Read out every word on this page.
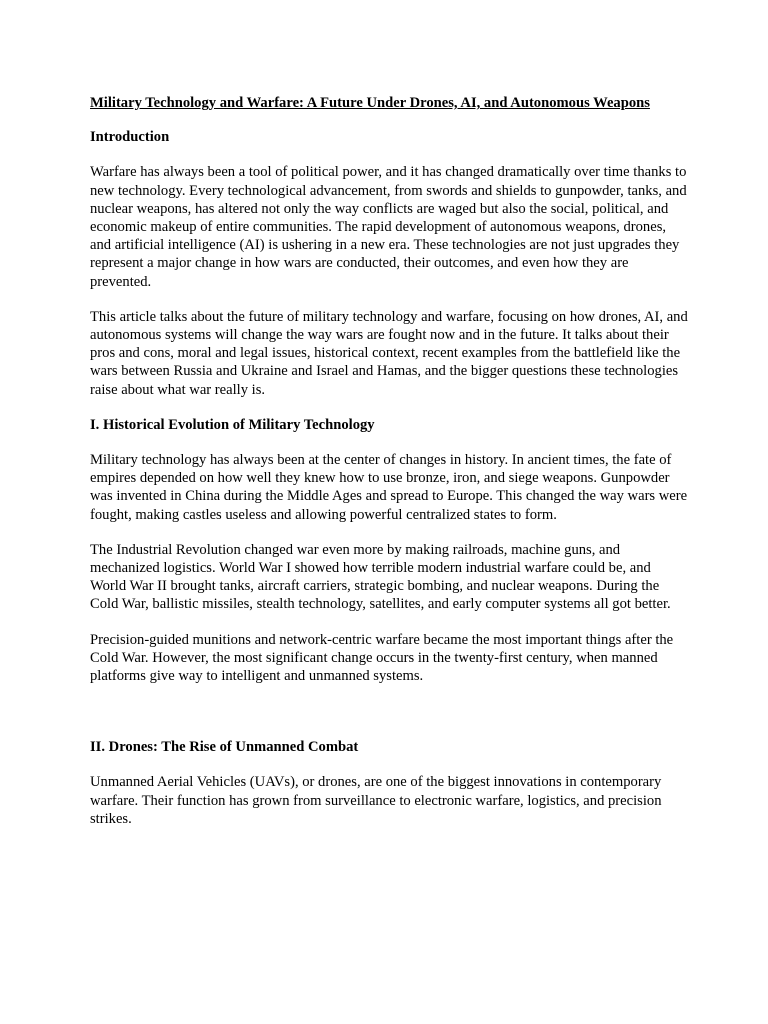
Military Technology and Warfare: A Future Under Drones, AI, and Autonomous Weapons
Introduction

Warfare has always been a tool of political power, and it has changed dramatically over time thanks to new technology. Every technological advancement, from swords and shields to gunpowder, tanks, and nuclear weapons, has altered not only the way conflicts are waged but also the social, political, and economic makeup of entire communities. The rapid development of autonomous weapons, drones, and artificial intelligence (AI) is ushering in a new era. These technologies are not just upgrades they represent a major change in how wars are conducted, their outcomes, and even how they are prevented.

This article talks about the future of military technology and warfare, focusing on how drones, AI, and autonomous systems will change the way wars are fought now and in the future. It talks about their pros and cons, moral and legal issues, historical context, recent examples from the battlefield like the wars between Russia and Ukraine and Israel and Hamas, and the bigger questions these technologies raise about what war really is.

I. Historical Evolution of Military Technology

Military technology has always been at the center of changes in history. In ancient times, the fate of empires depended on how well they knew how to use bronze, iron, and siege weapons. Gunpowder was invented in China during the Middle Ages and spread to Europe. This changed the way wars were fought, making castles useless and allowing powerful centralized states to form.

The Industrial Revolution changed war even more by making railroads, machine guns, and mechanized logistics. World War I showed how terrible modern industrial warfare could be, and World War II brought tanks, aircraft carriers, strategic bombing, and nuclear weapons. During the Cold War, ballistic missiles, stealth technology, satellites, and early computer systems all got better.

Precision-guided munitions and network-centric warfare became the most important things after the Cold War. However, the most significant change occurs in the twenty-first century, when manned platforms give way to intelligent and unmanned systems.

II. Drones: The Rise of Unmanned Combat

Unmanned Aerial Vehicles (UAVs), or drones, are one of the biggest innovations in contemporary warfare. Their function has grown from surveillance to electronic warfare, logistics, and precision strikes.
